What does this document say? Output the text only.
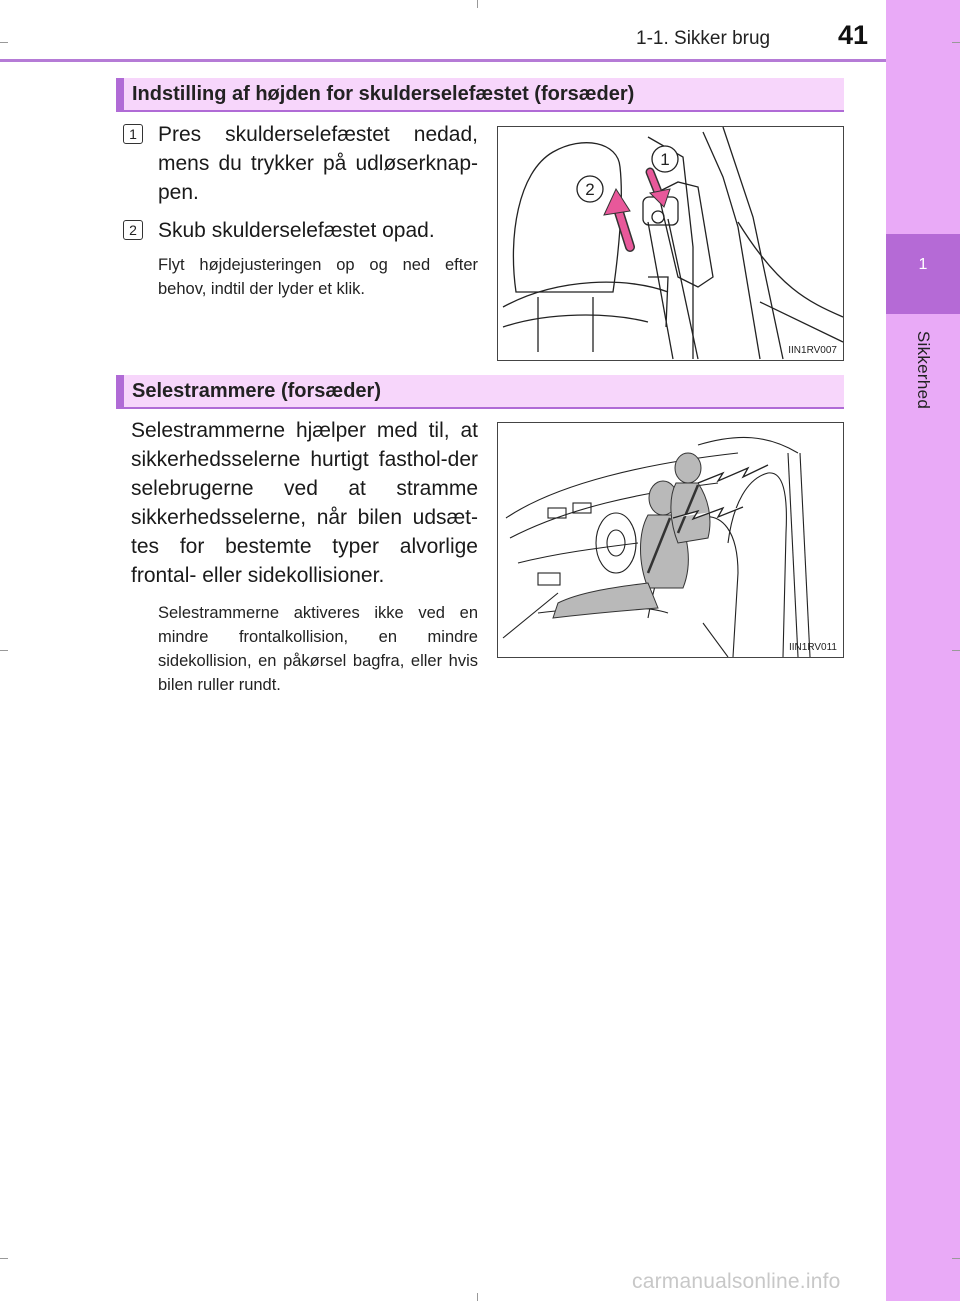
1
Sikkerhed
1-1. Sikker brug	41
Indstilling af højden for skulderselefæstet (forsæder)
1 Pres skulderselefæstet nedad, mens du trykker på udløserknap-pen.
2 Skub skulderselefæstet opad.
Flyt højdejusteringen op og ned efter behov, indtil der lyder et klik.
1
2
IIN1RV007
Selestrammere (forsæder)
Selestrammerne hjælper med til, at sikkerhedsselerne hurtigt fasthol-der selebrugerne ved at stramme sikkerhedsselerne, når bilen udsæt-tes for bestemte typer alvorlige frontal- eller sidekollisioner.
Selestrammerne aktiveres ikke ved en mindre frontalkollision, en mindre sidekollision, en påkørsel bagfra, eller hvis bilen ruller rundt.
IIN1RV011
carmanualsonline.info
